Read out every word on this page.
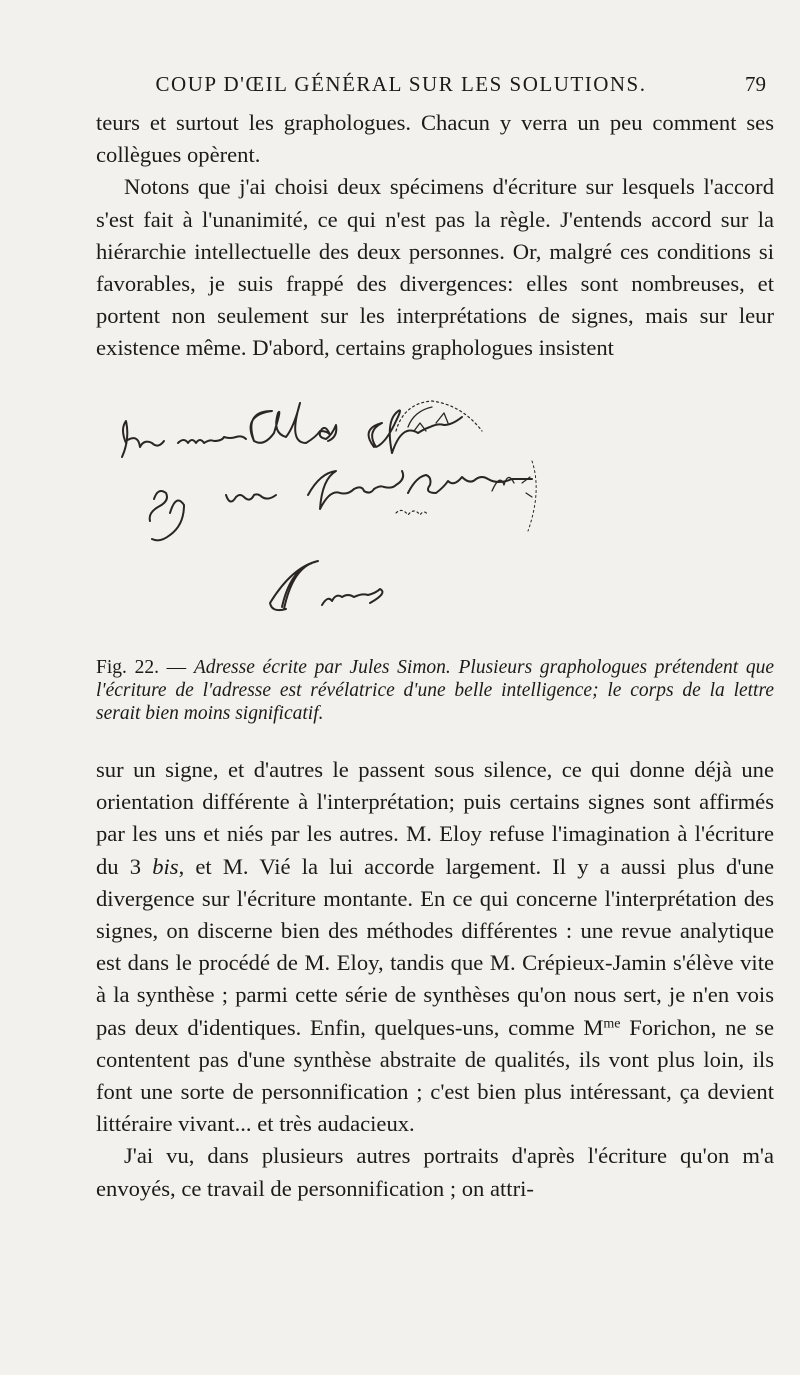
COUP D'ŒIL GÉNÉRAL SUR LES SOLUTIONS.	79

teurs et surtout les graphologues. Chacun y verra un peu comment ses collègues opèrent.

Notons que j'ai choisi deux spécimens d'écriture sur lesquels l'accord s'est fait à l'unanimité, ce qui n'est pas la règle. J'entends accord sur la hiérarchie intellectuelle des deux personnes. Or, malgré ces conditions si favorables, je suis frappé des divergences: elles sont nombreuses, et portent non seulement sur les interprétations de signes, mais sur leur existence même. D'abord, certains graphologues insistent

Fig. 22. — Adresse écrite par Jules Simon. Plusieurs graphologues prétendent que l'écriture de l'adresse est révélatrice d'une belle intelligence; le corps de la lettre serait bien moins significatif.

sur un signe, et d'autres le passent sous silence, ce qui donne déjà une orientation différente à l'interprétation; puis certains signes sont affirmés par les uns et niés par les autres. M. Eloy refuse l'imagination à l'écriture du 3 bis, et M. Vié la lui accorde largement. Il y a aussi plus d'une divergence sur l'écriture montante. En ce qui concerne l'interprétation des signes, on discerne bien des méthodes différentes : une revue analytique est dans le procédé de M. Eloy, tandis que M. Crépieux-Jamin s'élève vite à la synthèse ; parmi cette série de synthèses qu'on nous sert, je n'en vois pas deux d'identiques. Enfin, quelques-uns, comme $M^{me}$ Forichon, ne se contentent pas d'une synthèse abstraite de qualités, ils vont plus loin, ils font une sorte de personnification ; c'est bien plus intéressant, ça devient littéraire vivant... et très audacieux.

J'ai vu, dans plusieurs autres portraits d'après l'écriture qu'on m'a envoyés, ce travail de personnification ; on attri-
